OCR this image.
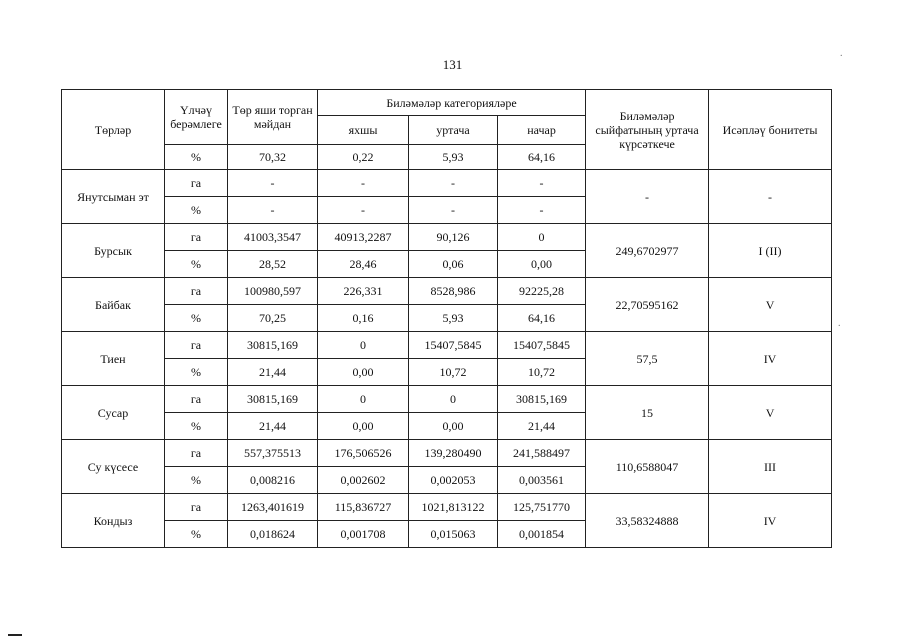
131
Төрләр	Үлчәү берәмлеге	Төр яши торган мәйдан	Биләмәләр категорияләре			Биләмәләр сыйфатының уртача күрсәткече	Исәпләү бонитеты
			яхшы	уртача	начар		
	%	70,32	0,22	5,93	64,16		
Янутсыман эт	га	-	-	-	-	-	-
	%	-	-	-	-		
Бурсык	га	41003,3547	40913,2287	90,126	0	249,6702977	I (II)
	%	28,52	28,46	0,06	0,00		
Байбак	га	100980,597	226,331	8528,986	92225,28	22,70595162	V
	%	70,25	0,16	5,93	64,16		
Тиен	га	30815,169	0	15407,5845	15407,5845	57,5	IV
	%	21,44	0,00	10,72	10,72		
Сусар	га	30815,169	0	0	30815,169	15	V
	%	21,44	0,00	0,00	21,44		
Су күсесе	га	557,375513	176,506526	139,280490	241,588497	110,6588047	III
	%	0,008216	0,002602	0,002053	0,003561		
Кондыз	га	1263,401619	115,836727	1021,813122	125,751770	33,58324888	IV
	%	0,018624	0,001708	0,015063	0,001854		
.
.
